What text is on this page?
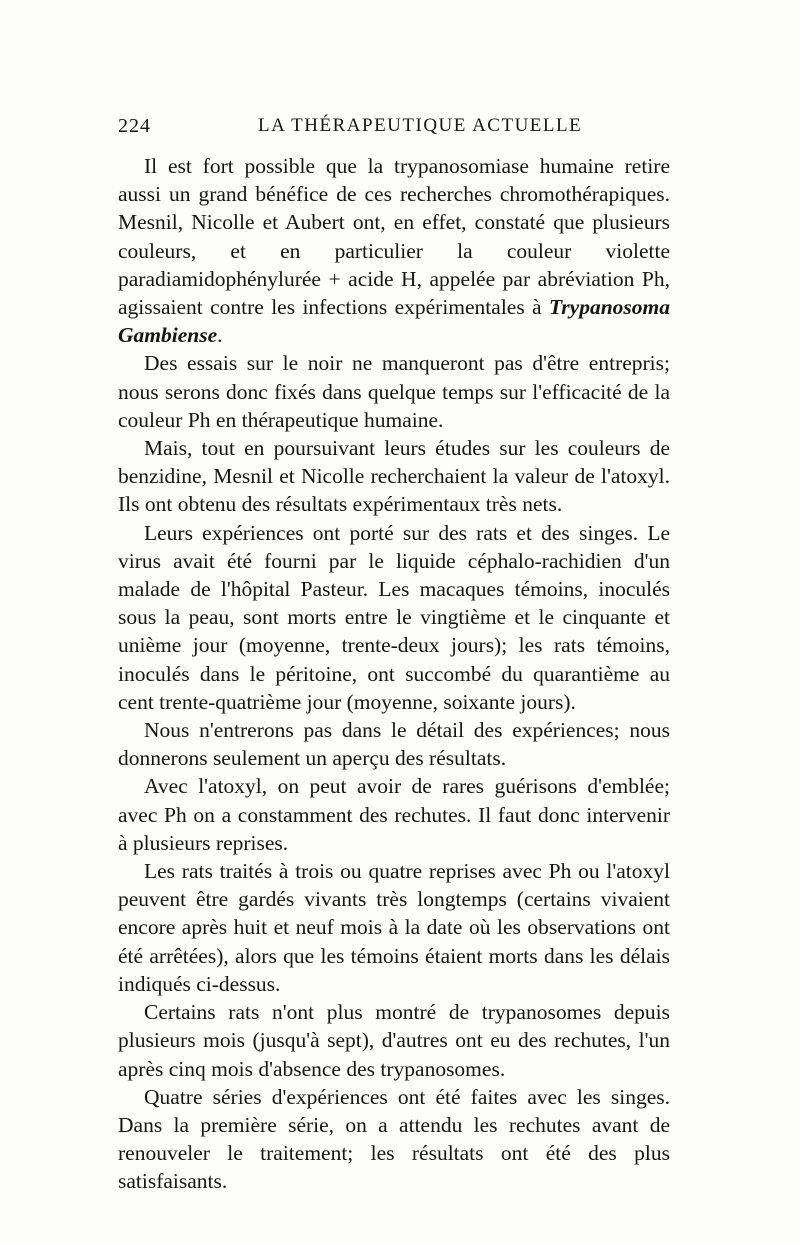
224	LA THÉRAPEUTIQUE ACTUELLE

Il est fort possible que la trypanosomiase humaine retire aussi un grand bénéfice de ces recherches chromothérapiques. Mesnil, Nicolle et Aubert ont, en effet, constaté que plusieurs couleurs, et en particulier la couleur violette paradiamidophénylurée + acide H, appelée par abréviation Ph, agissaient contre les infections expérimentales à Trypanosoma Gambiense.

Des essais sur le noir ne manqueront pas d'être entrepris; nous serons donc fixés dans quelque temps sur l'efficacité de la couleur Ph en thérapeutique humaine.

Mais, tout en poursuivant leurs études sur les couleurs de benzidine, Mesnil et Nicolle recherchaient la valeur de l'atoxyl. Ils ont obtenu des résultats expérimentaux très nets.

Leurs expériences ont porté sur des rats et des singes. Le virus avait été fourni par le liquide céphalo-rachidien d'un malade de l'hôpital Pasteur. Les macaques témoins, inoculés sous la peau, sont morts entre le vingtième et le cinquante et unième jour (moyenne, trente-deux jours); les rats témoins, inoculés dans le péritoine, ont succombé du quarantième au cent trente-quatrième jour (moyenne, soixante jours).

Nous n'entrerons pas dans le détail des expériences; nous donnerons seulement un aperçu des résultats.

Avec l'atoxyl, on peut avoir de rares guérisons d'emblée; avec Ph on a constamment des rechutes. Il faut donc intervenir à plusieurs reprises.

Les rats traités à trois ou quatre reprises avec Ph ou l'atoxyl peuvent être gardés vivants très longtemps (certains vivaient encore après huit et neuf mois à la date où les observations ont été arrêtées), alors que les témoins étaient morts dans les délais indiqués ci-dessus.

Certains rats n'ont plus montré de trypanosomes depuis plusieurs mois (jusqu'à sept), d'autres ont eu des rechutes, l'un après cinq mois d'absence des trypanosomes.

Quatre séries d'expériences ont été faites avec les singes. Dans la première série, on a attendu les rechutes avant de renouveler le traitement; les résultats ont été des plus satisfaisants.
